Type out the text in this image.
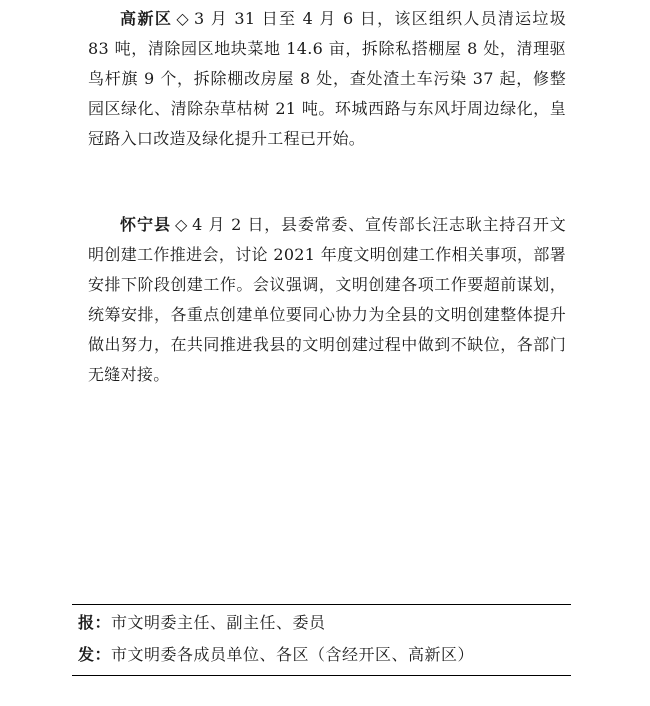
高新区 ◇ 3 月 31 日至 4 月 6 日，该区组织人员清运垃圾 83 吨，清除园区地块菜地 14.6 亩，拆除私搭棚屋 8 处，清理驱鸟杆旗 9 个，拆除棚改房屋 8 处，查处渣土车污染 37 起，修整园区绿化、清除杂草枯树 21 吨。环城西路与东风圩周边绿化，皇冠路入口改造及绿化提升工程已开始。

怀宁县 ◇ 4 月 2 日，县委常委、宣传部长汪志耿主持召开文明创建工作推进会，讨论 2021 年度文明创建工作相关事项，部署安排下阶段创建工作。会议强调，文明创建各项工作要超前谋划，统筹安排，各重点创建单位要同心协力为全县的文明创建整体提升做出努力，在共同推进我县的文明创建过程中做到不缺位，各部门无缝对接。

报：市文明委主任、副主任、委员
发：市文明委各成员单位、各区（含经开区、高新区）
